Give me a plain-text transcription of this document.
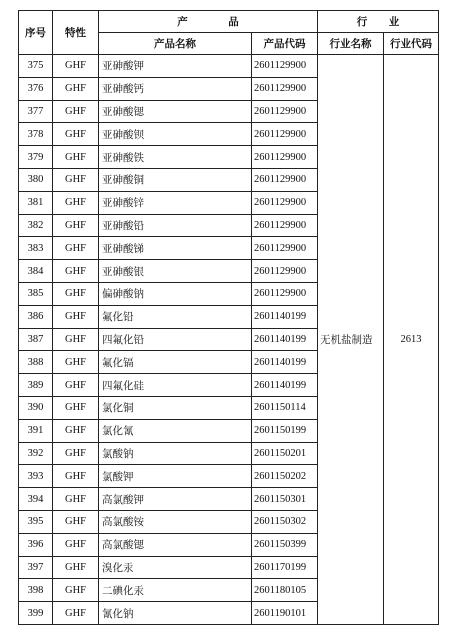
序号	特性	产 品		行 业	
		产品名称	产品代码	行业名称	行业代码
375	GHF	亚砷酸钾	2601129900	无机盐制造	2613
376	GHF	亚砷酸钙	2601129900		
377	GHF	亚砷酸锶	2601129900		
378	GHF	亚砷酸钡	2601129900		
379	GHF	亚砷酸铁	2601129900		
380	GHF	亚砷酸铜	2601129900		
381	GHF	亚砷酸锌	2601129900		
382	GHF	亚砷酸铅	2601129900		
383	GHF	亚砷酸锑	2601129900		
384	GHF	亚砷酸银	2601129900		
385	GHF	偏砷酸钠	2601129900		
386	GHF	氟化铅	2601140199		
387	GHF	四氟化铅	2601140199		
388	GHF	氟化镉	2601140199		
389	GHF	四氟化硅	2601140199		
390	GHF	氯化铜	2601150114		
391	GHF	氯化氰	2601150199		
392	GHF	氯酸钠	2601150201		
393	GHF	氯酸钾	2601150202		
394	GHF	高氯酸钾	2601150301		
395	GHF	高氯酸铵	2601150302		
396	GHF	高氯酸锶	2601150399		
397	GHF	溴化汞	2601170199		
398	GHF	二碘化汞	2601180105		
399	GHF	氰化钠	2601190101		
